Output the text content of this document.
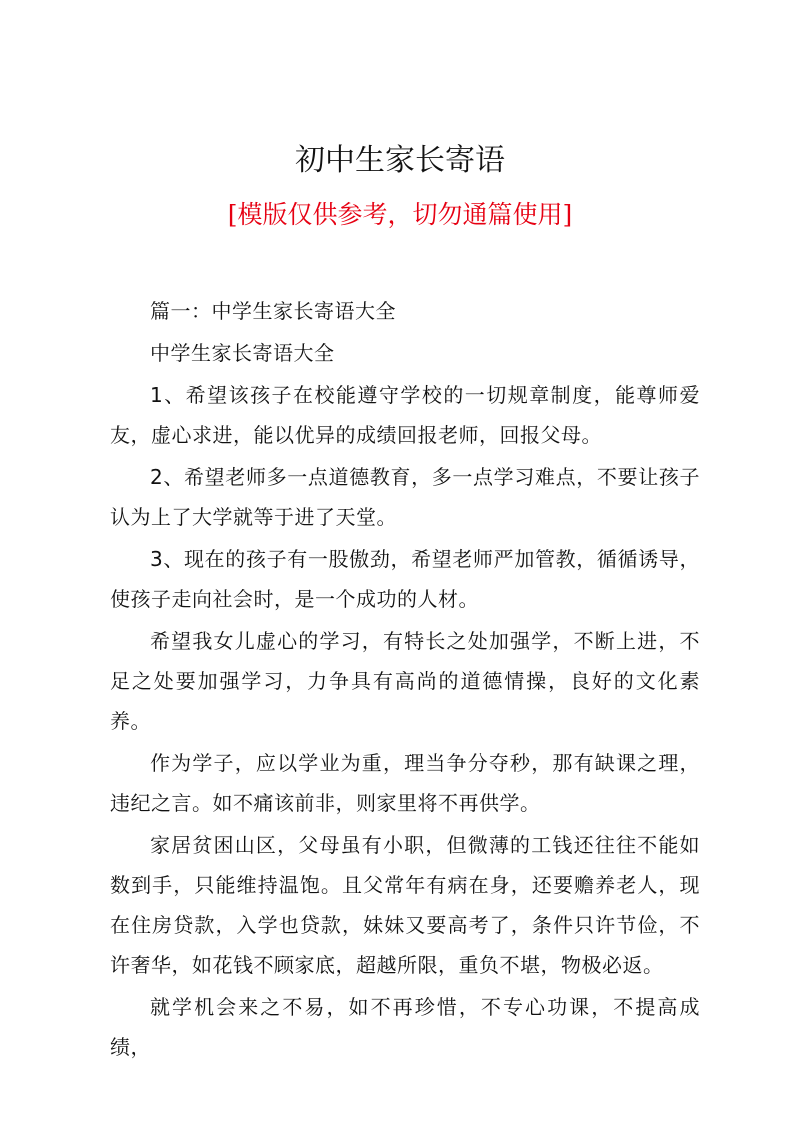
初中生家长寄语
[模版仅供参考，切勿通篇使用]

篇一：中学生家长寄语大全

中学生家长寄语大全

1、希望该孩子在校能遵守学校的一切规章制度，能尊师爱友，虚心求进，能以优异的成绩回报老师，回报父母。

2、希望老师多一点道德教育，多一点学习难点，不要让孩子认为上了大学就等于进了天堂。

3、现在的孩子有一股傲劲，希望老师严加管教，循循诱导，使孩子走向社会时，是一个成功的人材。

希望我女儿虚心的学习，有特长之处加强学，不断上进，不足之处要加强学习，力争具有高尚的道德情操，良好的文化素养。

作为学子，应以学业为重，理当争分夺秒，那有缺课之理，违纪之言。如不痛该前非，则家里将不再供学。

家居贫困山区，父母虽有小职，但微薄的工钱还往往不能如数到手，只能维持温饱。且父常年有病在身，还要赡养老人，现在住房贷款，入学也贷款，妹妹又要高考了，条件只许节俭，不许奢华，如花钱不顾家底，超越所限，重负不堪，物极必返。

就学机会来之不易，如不再珍惜，不专心功课，不提高成绩，
